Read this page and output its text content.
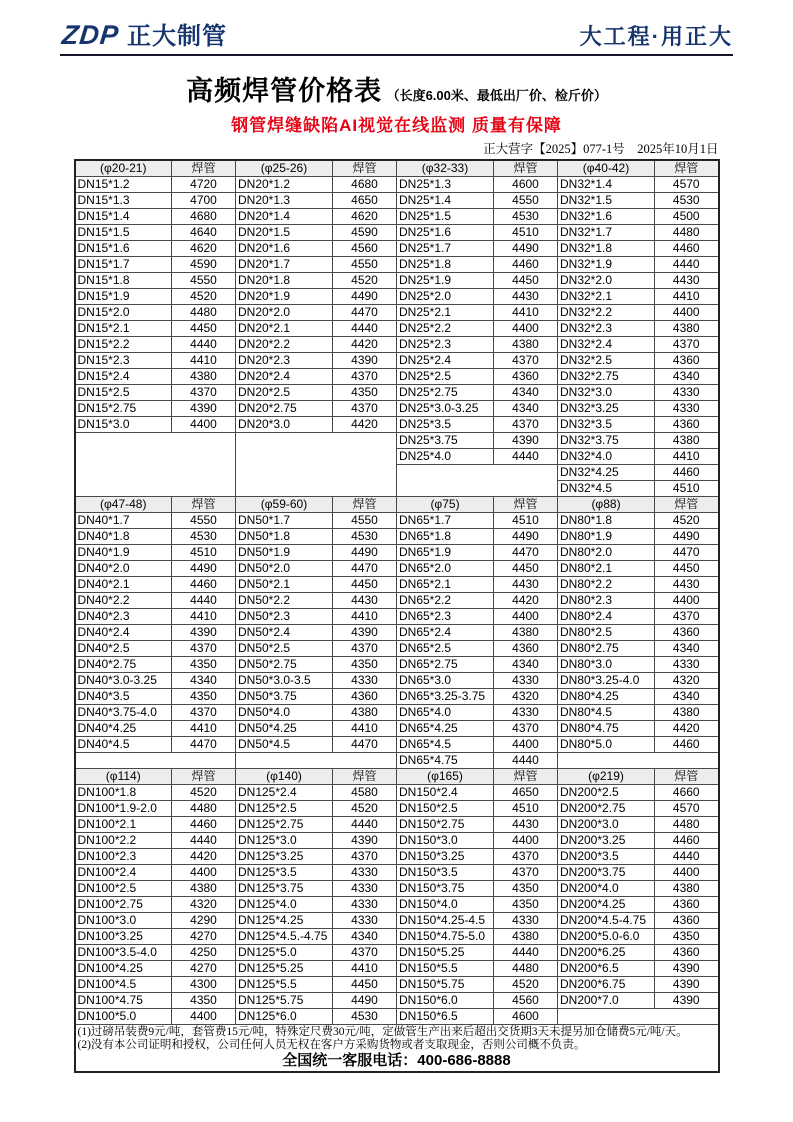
ZDP 正大制管	大工程·用正大
高频焊管价格表 （长度6.00米、最低出厂价、检斤价）
钢管焊缝缺陷AI视觉在线监测 质量有保障
正大营字【2025】077-1号　2025年10月1日
(φ20-21)	焊管	(φ25-26)	焊管	(φ32-33)	焊管	(φ40-42)	焊管
DN15*1.2	4720	DN20*1.2	4680	DN25*1.3	4600	DN32*1.4	4570
DN15*1.3	4700	DN20*1.3	4650	DN25*1.4	4550	DN32*1.5	4530
DN15*1.4	4680	DN20*1.4	4620	DN25*1.5	4530	DN32*1.6	4500
DN15*1.5	4640	DN20*1.5	4590	DN25*1.6	4510	DN32*1.7	4480
DN15*1.6	4620	DN20*1.6	4560	DN25*1.7	4490	DN32*1.8	4460
DN15*1.7	4590	DN20*1.7	4550	DN25*1.8	4460	DN32*1.9	4440
DN15*1.8	4550	DN20*1.8	4520	DN25*1.9	4450	DN32*2.0	4430
DN15*1.9	4520	DN20*1.9	4490	DN25*2.0	4430	DN32*2.1	4410
DN15*2.0	4480	DN20*2.0	4470	DN25*2.1	4410	DN32*2.2	4400
DN15*2.1	4450	DN20*2.1	4440	DN25*2.2	4400	DN32*2.3	4380
DN15*2.2	4440	DN20*2.2	4420	DN25*2.3	4380	DN32*2.4	4370
DN15*2.3	4410	DN20*2.3	4390	DN25*2.4	4370	DN32*2.5	4360
DN15*2.4	4380	DN20*2.4	4370	DN25*2.5	4360	DN32*2.75	4340
DN15*2.5	4370	DN20*2.5	4350	DN25*2.75	4340	DN32*3.0	4330
DN15*2.75	4390	DN20*2.75	4370	DN25*3.0-3.25	4340	DN32*3.25	4330
DN15*3.0	4400	DN20*3.0	4420	DN25*3.5	4370	DN32*3.5	4360
				DN25*3.75	4390	DN32*3.75	4380
				DN25*4.0	4440	DN32*4.0	4410
						DN32*4.25	4460
						DN32*4.5	4510
(φ47-48)	焊管	(φ59-60)	焊管	(φ75)	焊管	(φ88)	焊管
DN40*1.7	4550	DN50*1.7	4550	DN65*1.7	4510	DN80*1.8	4520
DN40*1.8	4530	DN50*1.8	4530	DN65*1.8	4490	DN80*1.9	4490
DN40*1.9	4510	DN50*1.9	4490	DN65*1.9	4470	DN80*2.0	4470
DN40*2.0	4490	DN50*2.0	4470	DN65*2.0	4450	DN80*2.1	4450
DN40*2.1	4460	DN50*2.1	4450	DN65*2.1	4430	DN80*2.2	4430
DN40*2.2	4440	DN50*2.2	4430	DN65*2.2	4420	DN80*2.3	4400
DN40*2.3	4410	DN50*2.3	4410	DN65*2.3	4400	DN80*2.4	4370
DN40*2.4	4390	DN50*2.4	4390	DN65*2.4	4380	DN80*2.5	4360
DN40*2.5	4370	DN50*2.5	4370	DN65*2.5	4360	DN80*2.75	4340
DN40*2.75	4350	DN50*2.75	4350	DN65*2.75	4340	DN80*3.0	4330
DN40*3.0-3.25	4340	DN50*3.0-3.5	4330	DN65*3.0	4330	DN80*3.25-4.0	4320
DN40*3.5	4350	DN50*3.75	4360	DN65*3.25-3.75	4320	DN80*4.25	4340
DN40*3.75-4.0	4370	DN50*4.0	4380	DN65*4.0	4330	DN80*4.5	4380
DN40*4.25	4410	DN50*4.25	4410	DN65*4.25	4370	DN80*4.75	4420
DN40*4.5	4470	DN50*4.5	4470	DN65*4.5	4400	DN80*5.0	4460
				DN65*4.75	4440		
(φ114)	焊管	(φ140)	焊管	(φ165)	焊管	(φ219)	焊管
DN100*1.8	4520	DN125*2.4	4580	DN150*2.4	4650	DN200*2.5	4660
DN100*1.9-2.0	4480	DN125*2.5	4520	DN150*2.5	4510	DN200*2.75	4570
DN100*2.1	4460	DN125*2.75	4440	DN150*2.75	4430	DN200*3.0	4480
DN100*2.2	4440	DN125*3.0	4390	DN150*3.0	4400	DN200*3.25	4460
DN100*2.3	4420	DN125*3.25	4370	DN150*3.25	4370	DN200*3.5	4440
DN100*2.4	4400	DN125*3.5	4330	DN150*3.5	4370	DN200*3.75	4400
DN100*2.5	4380	DN125*3.75	4330	DN150*3.75	4350	DN200*4.0	4380
DN100*2.75	4320	DN125*4.0	4330	DN150*4.0	4350	DN200*4.25	4360
DN100*3.0	4290	DN125*4.25	4330	DN150*4.25-4.5	4330	DN200*4.5-4.75	4360
DN100*3.25	4270	DN125*4.5.-4.75	4340	DN150*4.75-5.0	4380	DN200*5.0-6.0	4350
DN100*3.5-4.0	4250	DN125*5.0	4370	DN150*5.25	4440	DN200*6.25	4360
DN100*4.25	4270	DN125*5.25	4410	DN150*5.5	4480	DN200*6.5	4390
DN100*4.5	4300	DN125*5.5	4450	DN150*5.75	4520	DN200*6.75	4390
DN100*4.75	4350	DN125*5.75	4490	DN150*6.0	4560	DN200*7.0	4390
DN100*5.0	4400	DN125*6.0	4530	DN150*6.5	4600		

(1)过磅吊装费9元/吨，套管费15元/吨，特殊定尺费30元/吨，定做管生产出来后超出交货期3天未提另加仓储费5元/吨/天。
(2)没有本公司证明和授权，公司任何人员无权在客户方采购货物或者支取现金，否则公司概不负责。
全国统一客服电话：400-686-8888							
